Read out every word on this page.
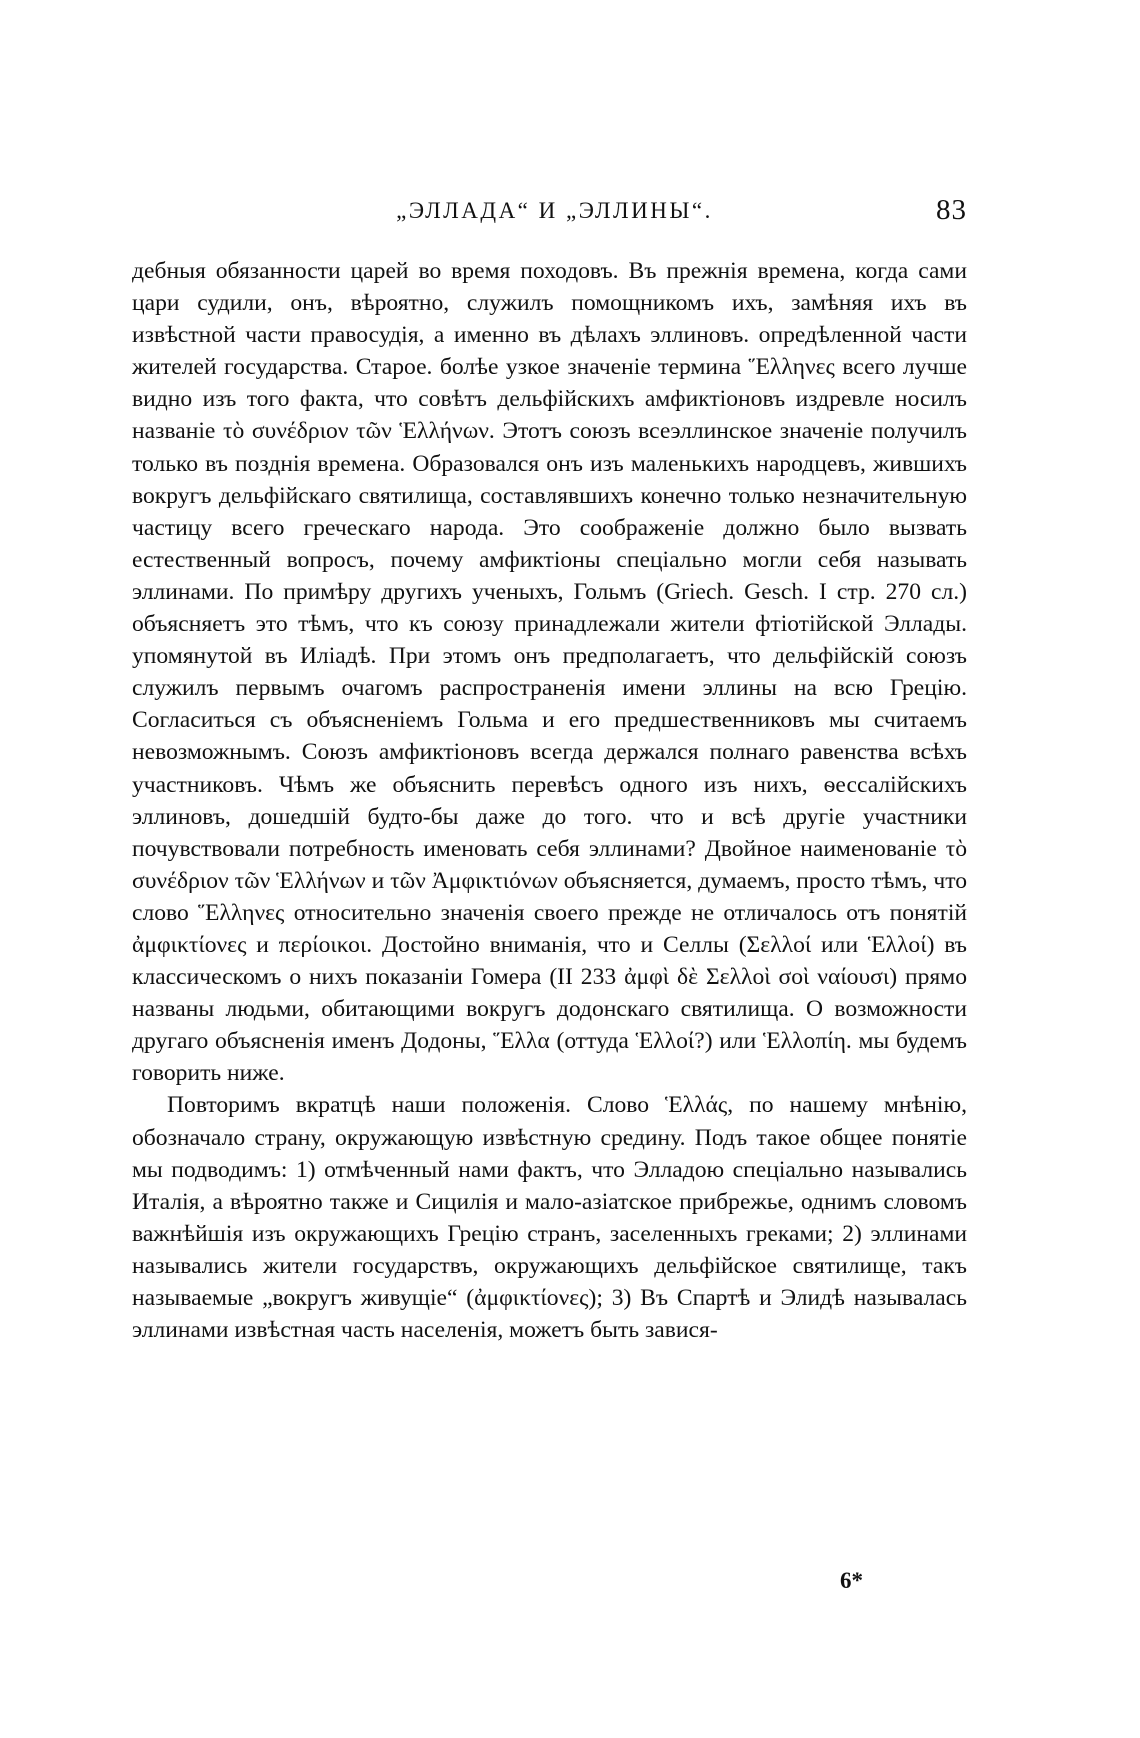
„ЭЛЛАДА“ И „ЭЛЛИНЫ“.	83

дебныя обязанности царей во время походовъ. Въ прежнія времена, когда сами цари судили, онъ, вѣроятно, служилъ помощникомъ ихъ, замѣняя ихъ въ извѣстной части правосудія, а именно въ дѣлахъ эллиновъ. опредѣленной части жителей государства. Старое. болѣе узкое значеніе термина Ἕλληνες всего лучше видно изъ того факта, что совѣтъ дельфійскихъ амфиктіоновъ издревле носилъ названіе τὸ συνέδριον τῶν Ἑλλήνων. Этотъ союзъ всеэллинское значеніе получилъ только въ позднія времена. Образовался онъ изъ маленькихъ народцевъ, жившихъ вокругъ дельфійскаго святилища, составлявшихъ конечно только незначительную частицу всего греческаго народа. Это соображеніе должно было вызвать естественный вопросъ, почему амфиктіоны спеціально могли себя называть эллинами. По примѣру другихъ ученыхъ, Гольмъ (Griech. Gesch. I стр. 270 сл.) объясняетъ это тѣмъ, что къ союзу принадлежали жители фтіотійской Эллады. упомянутой въ Иліадѣ. При этомъ онъ предполагаетъ, что дельфійскій союзъ служилъ первымъ очагомъ распространенія имени эллины на всю Грецію. Согласиться съ объясненіемъ Гольма и его предшественниковъ мы считаемъ невозможнымъ. Союзъ амфиктіоновъ всегда держался полнаго равенства всѣхъ участниковъ. Чѣмъ же объяснить перевѣсъ одного изъ нихъ, ѳессалійскихъ эллиновъ, дошедшій будто-бы даже до того. что и всѣ другіе участники почувствовали потребность именовать себя эллинами? Двойное наименованіе τὸ συνέδριον τῶν Ἑλλήνων и τῶν Ἀμφικτιόνων объясняется, думаемъ, просто тѣмъ, что слово Ἕλληνες относительно значенія своего прежде не отличалось отъ понятій ἀμφικτίονες и περίοικοι. Достойно вниманія, что и Селлы (Σελλοί или Ἑλλοί) въ классическомъ о нихъ показаніи Гомера (II 233 ἀμφὶ δὲ Σελλοὶ σοὶ ναίουσι) прямо названы людьми, обитающими вокругъ додонскаго святилища. О возможности другаго объясненія именъ Додоны, Ἕλλα (оттуда Ἑλλοί?) или Ἑλλοπίη. мы будемъ говорить ниже.

Повторимъ вкратцѣ наши положенія. Слово Ἑλλάς, по нашему мнѣнію, обозначало страну, окружающую извѣстную средину. Подъ такое общее понятіе мы подводимъ: 1) отмѣченный нами фактъ, что Элладою спеціально назывались Италія, а вѣроятно также и Сицилія и мало-азіатское прибрежье, однимъ словомъ важнѣйшія изъ окружающихъ Грецію странъ, заселенныхъ греками; 2) эллинами назывались жители государствъ, окружающихъ дельфійское святилище, такъ называемые „вокругъ живущіе“ (ἀμφικτίονες); 3) Въ Спартѣ и Элидѣ называлась эллинами извѣстная часть населенія, можетъ быть завися-

6*
